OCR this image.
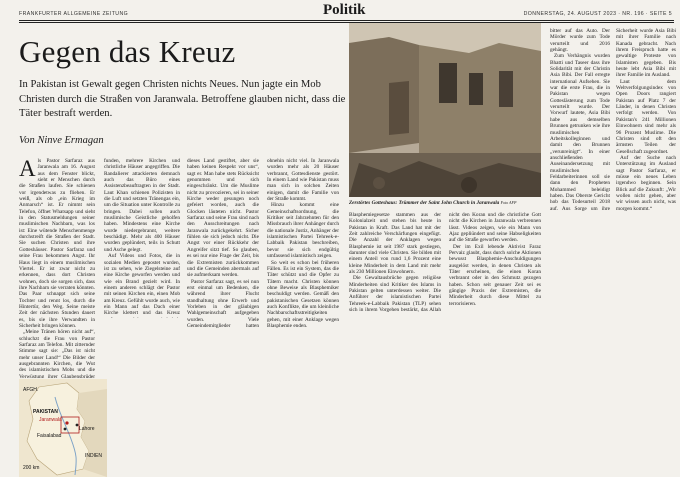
FRANKFURTER ALLGEMEINE ZEITUNG	Politik	DONNERSTAG, 24. AUGUST 2023 · NR. 196 · SEITE 5
Gegen das Kreuz
In Pakistan ist Gewalt gegen Christen nichts Neues. Nun jagte ein Mob Christen durch die Straßen von Jaranwala. Betroffene glauben nicht, dass die Täter bestraft werden.
Von Ninve Ermagan

Als Pastor Sarfaraz aus Jaranwala am 16. August aus dem Fenster blickt, sieht er Menschen durch die Straßen laufen. Sie schienen vor irgendetwas zu fliehen. Er weiß, als ob „ein Krieg im Anmarsch“ ist. Er nimmt sein Telefon, öffnet Whatsapp und sieht in den Statusmeldungen seiner muslimischen Nachbarn, was los ist: Eine wütende Menschenmenge durchstreift die Straßen der Stadt. Sie suchen Christen und ihre Gotteshäuser. Pastor Sarfaraz und seine Frau bekommen Angst. Ihr Haus liegt in einem muslimischen Viertel. Er ist zwar nicht zu erkennen, dass dort Christen wohnen, doch sie sorgen sich, dass ihre Nachbarn sie verraten könnten. Das Paar schnappt sich seine Tochter und rennt los, durch die Hintertür, den Weg. Seine meiste Zeit der nächsten Stunden dauert es, bis sie ihre Verwandten in Sicherheit bringen können.

„Meine Tränen hören nicht auf“, schluchzt die Frau von Pastor Sarfaraz am Telefon. Mit zitternder Stimme sagt sie: „Das ist nicht mehr unser Land!“ Die Bilder der ausgebrannten Kirchen, die Wut des islamistischen Mobs und die Verwüstung ihrer Glaubensbrüder

funden, mehrere Kirchen und christliche Häuser angegriffen. Die Randalierer attackierten demnach auch das Büro eines Assistenzbeauftragten in der Stadt. Laut Khan schienen Polizisten in die Luft und setzten Tränengas ein, um die Situation unter Kontrolle zu bringen. Dabei sollen auch muslimische Geistliche geholfen haben. Mindestens eine Kirche wurde niedergebrannt, weitere beschädigt. Mehr als 400 Häuser wurden geplündert, teils in Schutt und Asche gelegt.

Auf Videos und Fotos, die in sozialen Medien gepostet wurden, ist zu sehen, wie Ziegelsteine auf eine Kirche geworfen werden und wie ein Brand gezielt wird. In einem anderen schlägt der Pastor mit seinen Kirchen ein, einen Mob am Kreuz. Gefühlt wurde auch, wie ein Mann auf das Dach einer Kirche klettert und das Kreuz

dieses Land gestiftet, aber sie haben keinen Respekt vor uns“, sagt er. Man habe stets Rücksicht genommen und sich eingeschränkt. Um die Muslime nicht zu provozieren, sei in seiner Kirche weder gesungen noch gefeiert worden, auch die Glocken läuteten nicht. Pastor Sarfaraz und seine Frau sind nach den Ausschreitungen nach Jaranwala zurückgekehrt. Sicher fühlen sie sich jedoch nicht. Die Angst vor einer Rückkehr der Angreifer sitzt tief. So glauben, es sei nur eine Frage der Zeit, bis die Extremisten zurückkommen und die Gemeinden abermals auf sie aufmerksam werden.

Pastor Sarfaraz sagt, es sei nun erst einmal um Bedenken, die während ihrer Flucht standhaltung ohne Erwerb und Vorleben in der gläubigen Wahlgemeinschaft aufgegeben wurden. Viele Gemeindemitglieder hatten ohnehin nicht viel. In Jaranwala wurden mehr als 20 Häuser verbrannt, Gottesdienste gestört. In einem Land wie Pakistan muss man sich in solchen Zeiten einigen, damit die Familie von der Straße kommt.

Hinzu kommt eine Gemeinschaftsordnung, die Kritiker seit Jahrzehnten für den Missbrauch ihrer Anhänger durch die nationale Justiz, Anhänger der islamistischen Partei Tehreek-e-Labbaik Pakistan beschreiben, bevor sie sich endgültig umfassend islamistisch zeigen.

So weit es schon bei früheren Fällen. Es ist ein System, das die Täter schützt und die Opfer zu Tätern macht. Christen können ohne Beweise als Blasphemiker beschuldigt werden. Gemäß den pakistanischen Gesetzen können auch Konflikte, die um kleinliche Nachbarschaftsstreitigkeiten gehen, mit einer Anklage wegen Blasphemie enden.

PAKISTAN
Jaranwala
Lahore
Faisalabad
INDIEN
AFGH.
200 km
Zerstörtes Gotteshaus: Trümmer der Saint John Church in Jaranwala Foto AFP

Blasphemiegesetze stammen aus der Kolonialzeit und stehen bis heute in Pakistan in Kraft. Das Land hat mit der Zeit zahlreiche Verschärfungen eingefügt. Die Anzahl der Anklagen wegen Blasphemie ist seit 1987 stark gestiegen, darunter sind viele Christen. Sie bilden mit einem Anteil von rund 1,6 Prozent eine kleine Minderheit in dem Land mit mehr als 230 Millionen Einwohnern.

Die Gewaltausbrüche gegen religiöse Minderheiten sind Kritiker des Islams in Pakistan gelten unterdessen weiter. Die Anführer der islamistischen Partei Tehreek-e-Labbaik Pakistan (TLP) sehen sich in ihrem Vorgehen bestärkt, das Allah nicht den Koran und die christliche Gott nicht die Kirchen in Jaranwala verbrennen lässt. Videos zeigen, wie ein Mann von Ajaz gepliündert und seine Habseligkeiten auf die Straße geworfen werden.

Der im Exil lebende Aktivist Faraz Pervaiz glaubt, dass durch solche Aktionen bewusst Blasphemie-Anschuldigungen ausgelöst werden, in denen Christen als Täter erscheinen, die einen Koran verbrannt oder in den Schmutz gezogen haben. Schon seit genauer Zeit sei es gängige Praxis der Extremisten, die Minderheit durch diese Mittel zu terrorisieren.

bitter auf das Auto. Der Mörder wurde zum Tode verurteilt und 2016 gehängt.

Zum Verhängnis wurden Bhatti und Taseer dass ihre Solidarität mit der Christin Asia Bibi. Der Fall erregte international Aufsehen. Sie war die erste Frau, die in Pakistan wegen Gotteslästerung zum Tode verurteilt wurde. Der Vorwurf lautete, Asia Bibi habe aus demselben Brunnen getrunken wie ihre muslimischen Arbeitskolleginnen und damit den Brunnen „verunreinigt“. In einer anschließenden Auseinandersetzung mit muslimischen Feldarbeiterinnen soll sie dann den Propheten Mohammed beleidigt haben. Das Oberste Gericht hob das Todesurteil 2018 auf. Aus Sorge um ihre Sicherheit wurde Asia Bibi mit ihrer Familie nach Kanada gebracht. Nach ihrem Freispruch hatte es gewaltige Proteste von Islamisten gegeben. Bis heute lebt Asia Bibi mit ihrer Familie im Ausland.

Laut dem Weltverfolgungsindex von Open Doors rangiert Pakistan auf Platz 7 der Länder, in denen Christen verfolgt werden. Von Pakistan's 241 Millionen Einwohnern sind mehr als 96 Prozent Muslime. Die Christen sind oft den ärmsten Teilen der Gesellschaft zugeordnet.

Auf der Suche nach Unterstützung im Ausland sagt Pastor Sarfaraz, er müsse ein neues Leben irgendwo beginnen. Sein Blick auf die Zukunft: „Wir wollen nicht gehen, aber wir wissen auch nicht, was morgen kommt.“
